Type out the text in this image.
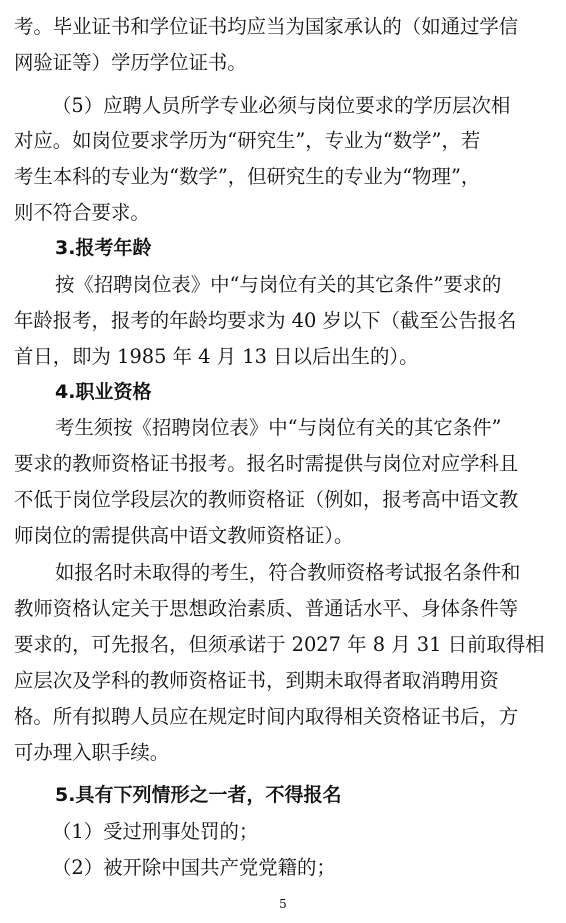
考。毕业证书和学位证书均应当为国家承认的（如通过学信
网验证等）学历学位证书。
（5）应聘人员所学专业必须与岗位要求的学历层次相
对应。如岗位要求学历为“研究生”，专业为“数学”，若
考生本科的专业为“数学”，但研究生的专业为“物理”，
则不符合要求。
3.报考年龄
按《招聘岗位表》中“与岗位有关的其它条件”要求的
年龄报考，报考的年龄均要求为 40 岁以下（截至公告报名
首日，即为 1985 年 4 月 13 日以后出生的）。
4.职业资格
考生须按《招聘岗位表》中“与岗位有关的其它条件”
要求的教师资格证书报考。报名时需提供与岗位对应学科且
不低于岗位学段层次的教师资格证（例如，报考高中语文教
师岗位的需提供高中语文教师资格证）。
如报名时未取得的考生，符合教师资格考试报名条件和
教师资格认定关于思想政治素质、普通话水平、身体条件等
要求的，可先报名，但须承诺于 2027 年 8 月 31 日前取得相
应层次及学科的教师资格证书，到期未取得者取消聘用资
格。所有拟聘人员应在规定时间内取得相关资格证书后，方
可办理入职手续。
5.具有下列情形之一者，不得报名
（1）受过刑事处罚的；
（2）被开除中国共产党党籍的；
5
